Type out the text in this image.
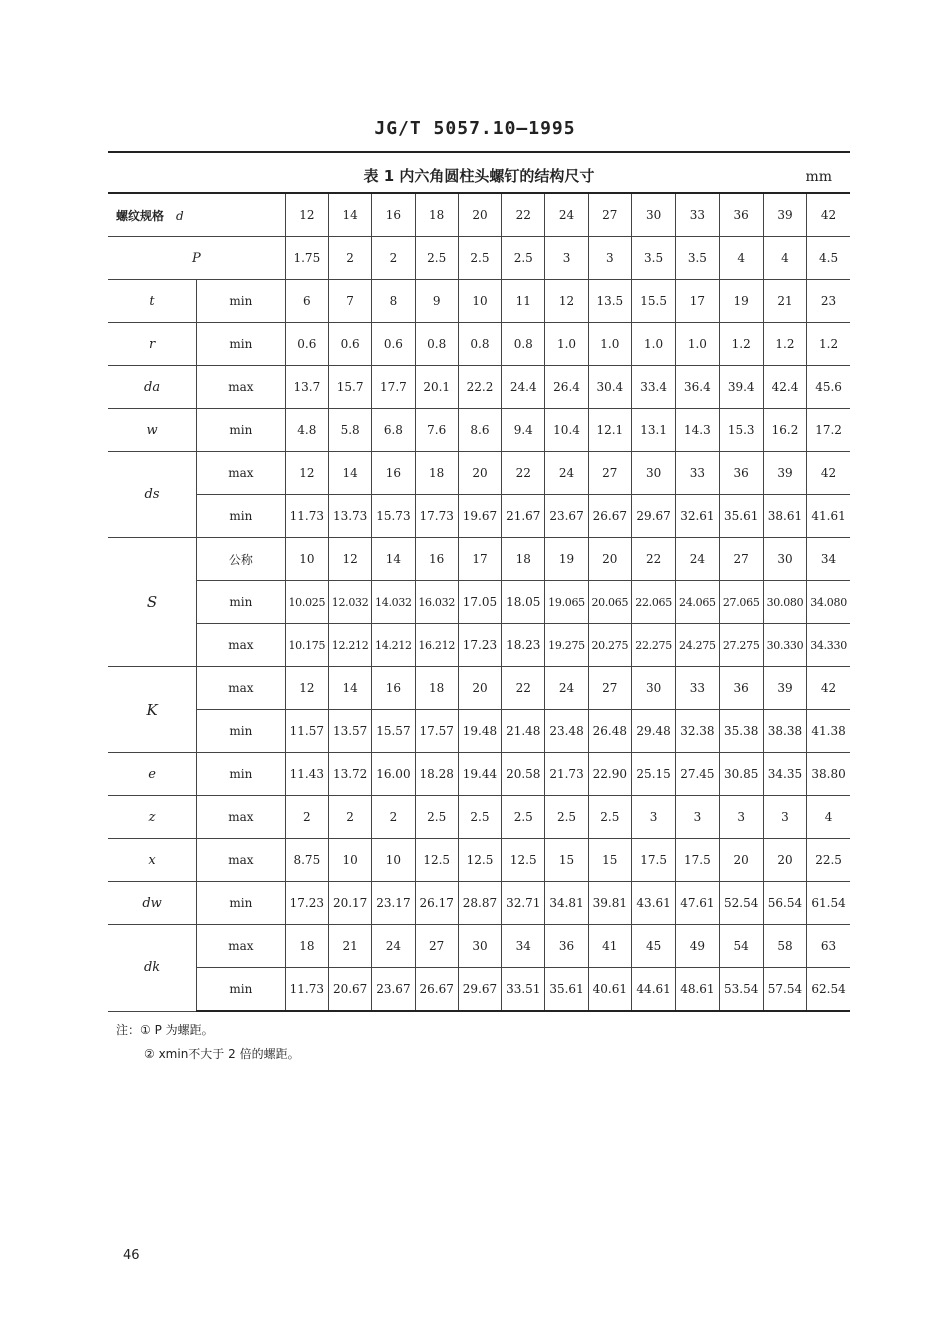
JG/T 5057.10—1995
表 1 内六角圆柱头螺钉的结构尺寸	mm
螺纹规格 d		12	14	16	18	20	22	24	27	30	33	36	39	42
P		1.75	2	2	2.5	2.5	2.5	3	3	3.5	3.5	4	4	4.5
t	min	6	7	8	9	10	11	12	13.5	15.5	17	19	21	23
r	min	0.6	0.6	0.6	0.8	0.8	0.8	1.0	1.0	1.0	1.0	1.2	1.2	1.2
da	max	13.7	15.7	17.7	20.1	22.2	24.4	26.4	30.4	33.4	36.4	39.4	42.4	45.6
w	min	4.8	5.8	6.8	7.6	8.6	9.4	10.4	12.1	13.1	14.3	15.3	16.2	17.2
ds	max	12	14	16	18	20	22	24	27	30	33	36	39	42
	min	11.73	13.73	15.73	17.73	19.67	21.67	23.67	26.67	29.67	32.61	35.61	38.61	41.61
S	公称	10	12	14	16	17	18	19	20	22	24	27	30	34
	min	10.025	12.032	14.032	16.032	17.05	18.05	19.065	20.065	22.065	24.065	27.065	30.080	34.080
	max	10.175	12.212	14.212	16.212	17.23	18.23	19.275	20.275	22.275	24.275	27.275	30.330	34.330
K	max	12	14	16	18	20	22	24	27	30	33	36	39	42
	min	11.57	13.57	15.57	17.57	19.48	21.48	23.48	26.48	29.48	32.38	35.38	38.38	41.38
e	min	11.43	13.72	16.00	18.28	19.44	20.58	21.73	22.90	25.15	27.45	30.85	34.35	38.80
z	max	2	2	2	2.5	2.5	2.5	2.5	2.5	3	3	3	3	4
x	max	8.75	10	10	12.5	12.5	12.5	15	15	17.5	17.5	20	20	22.5
dw	min	17.23	20.17	23.17	26.17	28.87	32.71	34.81	39.81	43.61	47.61	52.54	56.54	61.54
dk	max	18	21	24	27	30	34	36	41	45	49	54	58	63
	min	11.73	20.67	23.67	26.67	29.67	33.51	35.61	40.61	44.61	48.61	53.54	57.54	62.54
注：① P 为螺距。
② xmin不大于 2 倍的螺距。
46
